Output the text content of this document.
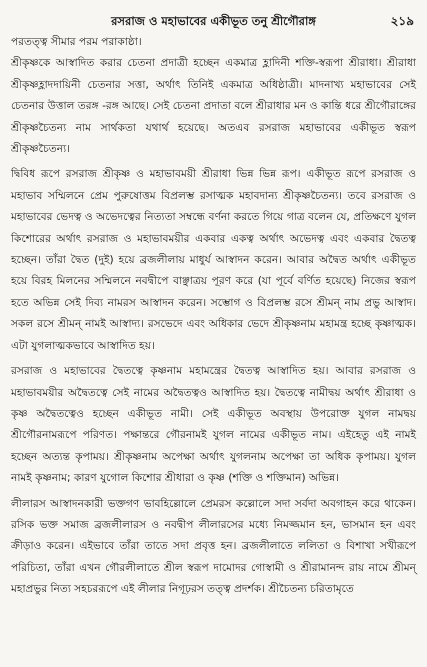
রসরাজ ও মহাভাবের একীভূত তনু শ্রীগৌরাঙ্গ	২১৯

পরতত্ত্ব সীমার পরম পরাকাষ্ঠা।

শ্রীকৃষ্ণকে আস্বাদিত করার চেতনা প্রদাত্রী হচ্ছেন একমাত্র হ্লাদিনী শক্তি-স্বরূপা শ্রীরাধা। শ্রীরাধা শ্রীকৃষ্ণহ্লাদদায়িনী চেতনার সত্তা, অর্থাৎ তিনিই একমাত্র অধিষ্ঠাত্রী। মাদনাখ্য মহাভাবের সেই চেতনার উত্তাল তরঙ্গ -রঙ্গ আছে। সেই চেতনা প্রদাতা বলে শ্রীরাধার মন ও কান্তি ধরে শ্রীগৌরাঙ্গের শ্রীকৃষ্ণচৈতন্য নাম সার্থকতা যথার্থ হয়েছে। অতএব রসরাজ মহাভাবের একীভূত স্বরূপ শ্রীকৃষ্ণচৈতন্য।

দ্বিবিধ রূপে রসরাজ শ্রীকৃষ্ণ ও মহাভাবময়ী শ্রীরাধা ভিন্ন ভিন্ন রূপ। একীভূত রূপে রসরাজ ও মহাভাব সম্মিলনে প্রেম পুরুষোত্তম বিপ্রলম্ভ রসাত্মক মহাবদান্য শ্রীকৃষ্ণচৈতন্য। তবে রসরাজ ও মহাভাবের ভেদত্ব ও অভেদত্বের নিত্যতা সম্বন্ধে বর্ণনা করতে গিয়ে গাত্র বলেন যে, প্রতিক্ষণে যুগল কিশোরের অর্থাৎ রসরাজ ও মহাভাবময়ীর একবার একত্ব অর্থাৎ অভেদত্ব এবং একবার দ্বৈতত্ব হচ্ছেন। তাঁরা দ্বৈত (দুই) হয়ে ব্রজলীলায় মাধুর্য আস্বাদন করেন। আবার অদ্বৈত অর্থাৎ একীভূত হয়ে বিরহ মিলনের সম্মিলনে নবদ্বীপে বাঞ্ছাত্রয় পূরণ করে (যা পূর্বে বর্ণিত হয়েছে) নিজের স্বরূপ হতে অভিন্ন সেই দিব্য নামরস আস্বাদন করেন। সম্ভোগ ও বিপ্রলম্ভ রসে শ্রীমন্ নাম প্রভু আস্বাদ। সকল রসে শ্রীমন্ নামই আস্বাদ্য। রসভেদে এবং অধিকার ভেদে শ্রীকৃষ্ণনাম মহামন্ত্র হচ্ছে কৃষ্ণাত্মক। এটা যুগলাত্মকভাবে আস্বাদিত হয়।

রসরাজ ও মহাভাবের দ্বৈতত্বে কৃষ্ণনাম মহামন্ত্রের দ্বৈতত্ব আস্বাদিত হয়। আবার রসরাজ ও মহাভাবময়ীর অদ্বৈতত্বে সেই নামের অদ্বৈতত্বও আস্বাদিত হয়। দ্বৈতত্বে নামীদ্বয় অর্থাৎ শ্রীরাধা ও কৃষ্ণ অদ্বৈতত্বেও হচ্ছেন একীভূত নামী। সেই একীভূত অবস্থায় উপরোক্ত যুগল নামদ্বয় শ্রীগৌরনামরূপে পরিণত। পক্ষান্তরে গৌরনামই যুগল নামের একীভূত নাম। এইহেতু এই নামই হচ্ছেন অত্যন্ত কৃপাময়। শ্রীকৃষ্ণনাম অপেক্ষা অর্থাৎ যুগলনাম অপেক্ষা তা অধিক কৃপাময়। যুগল নামই কৃষ্ণনাম; কারণ যুগোল কিশোর শ্রীধারা ও কৃষ্ণ (শক্তি ও শক্তিমান) অভিন্ন।

লীলারস আস্বাদনকারী ভক্তগণ ভাবহিল্লোলে প্রেমরস কল্লোলে সদা সর্বদা অবগাহন করে থাকেন। রসিক ভক্ত সমাজ ব্রজলীলারস ও নবদ্বীপ লীলারসের মধ্যে নিমজ্জমান হন, ভাসমান হন এবং ক্রীড়াও করেন। এইভাবে তাঁরা তাতে সদা প্রবৃত্ত হন। ব্রজলীলাতে ললিতা ও বিশাখা সখীরূপে পরিচিতা, তাঁরা এখন গৌরলীলাতে শ্রীল স্বরূপ দামোদর গোস্বামী ও শ্রীরামানন্দ রায় নামে শ্রীমন্ মহাপ্রভুর নিত্য সহচররূপে এই লীলার নিগূঢ়রস তত্ত্ব প্রদর্শক। শ্রীচৈতন্য চরিতামৃতে
